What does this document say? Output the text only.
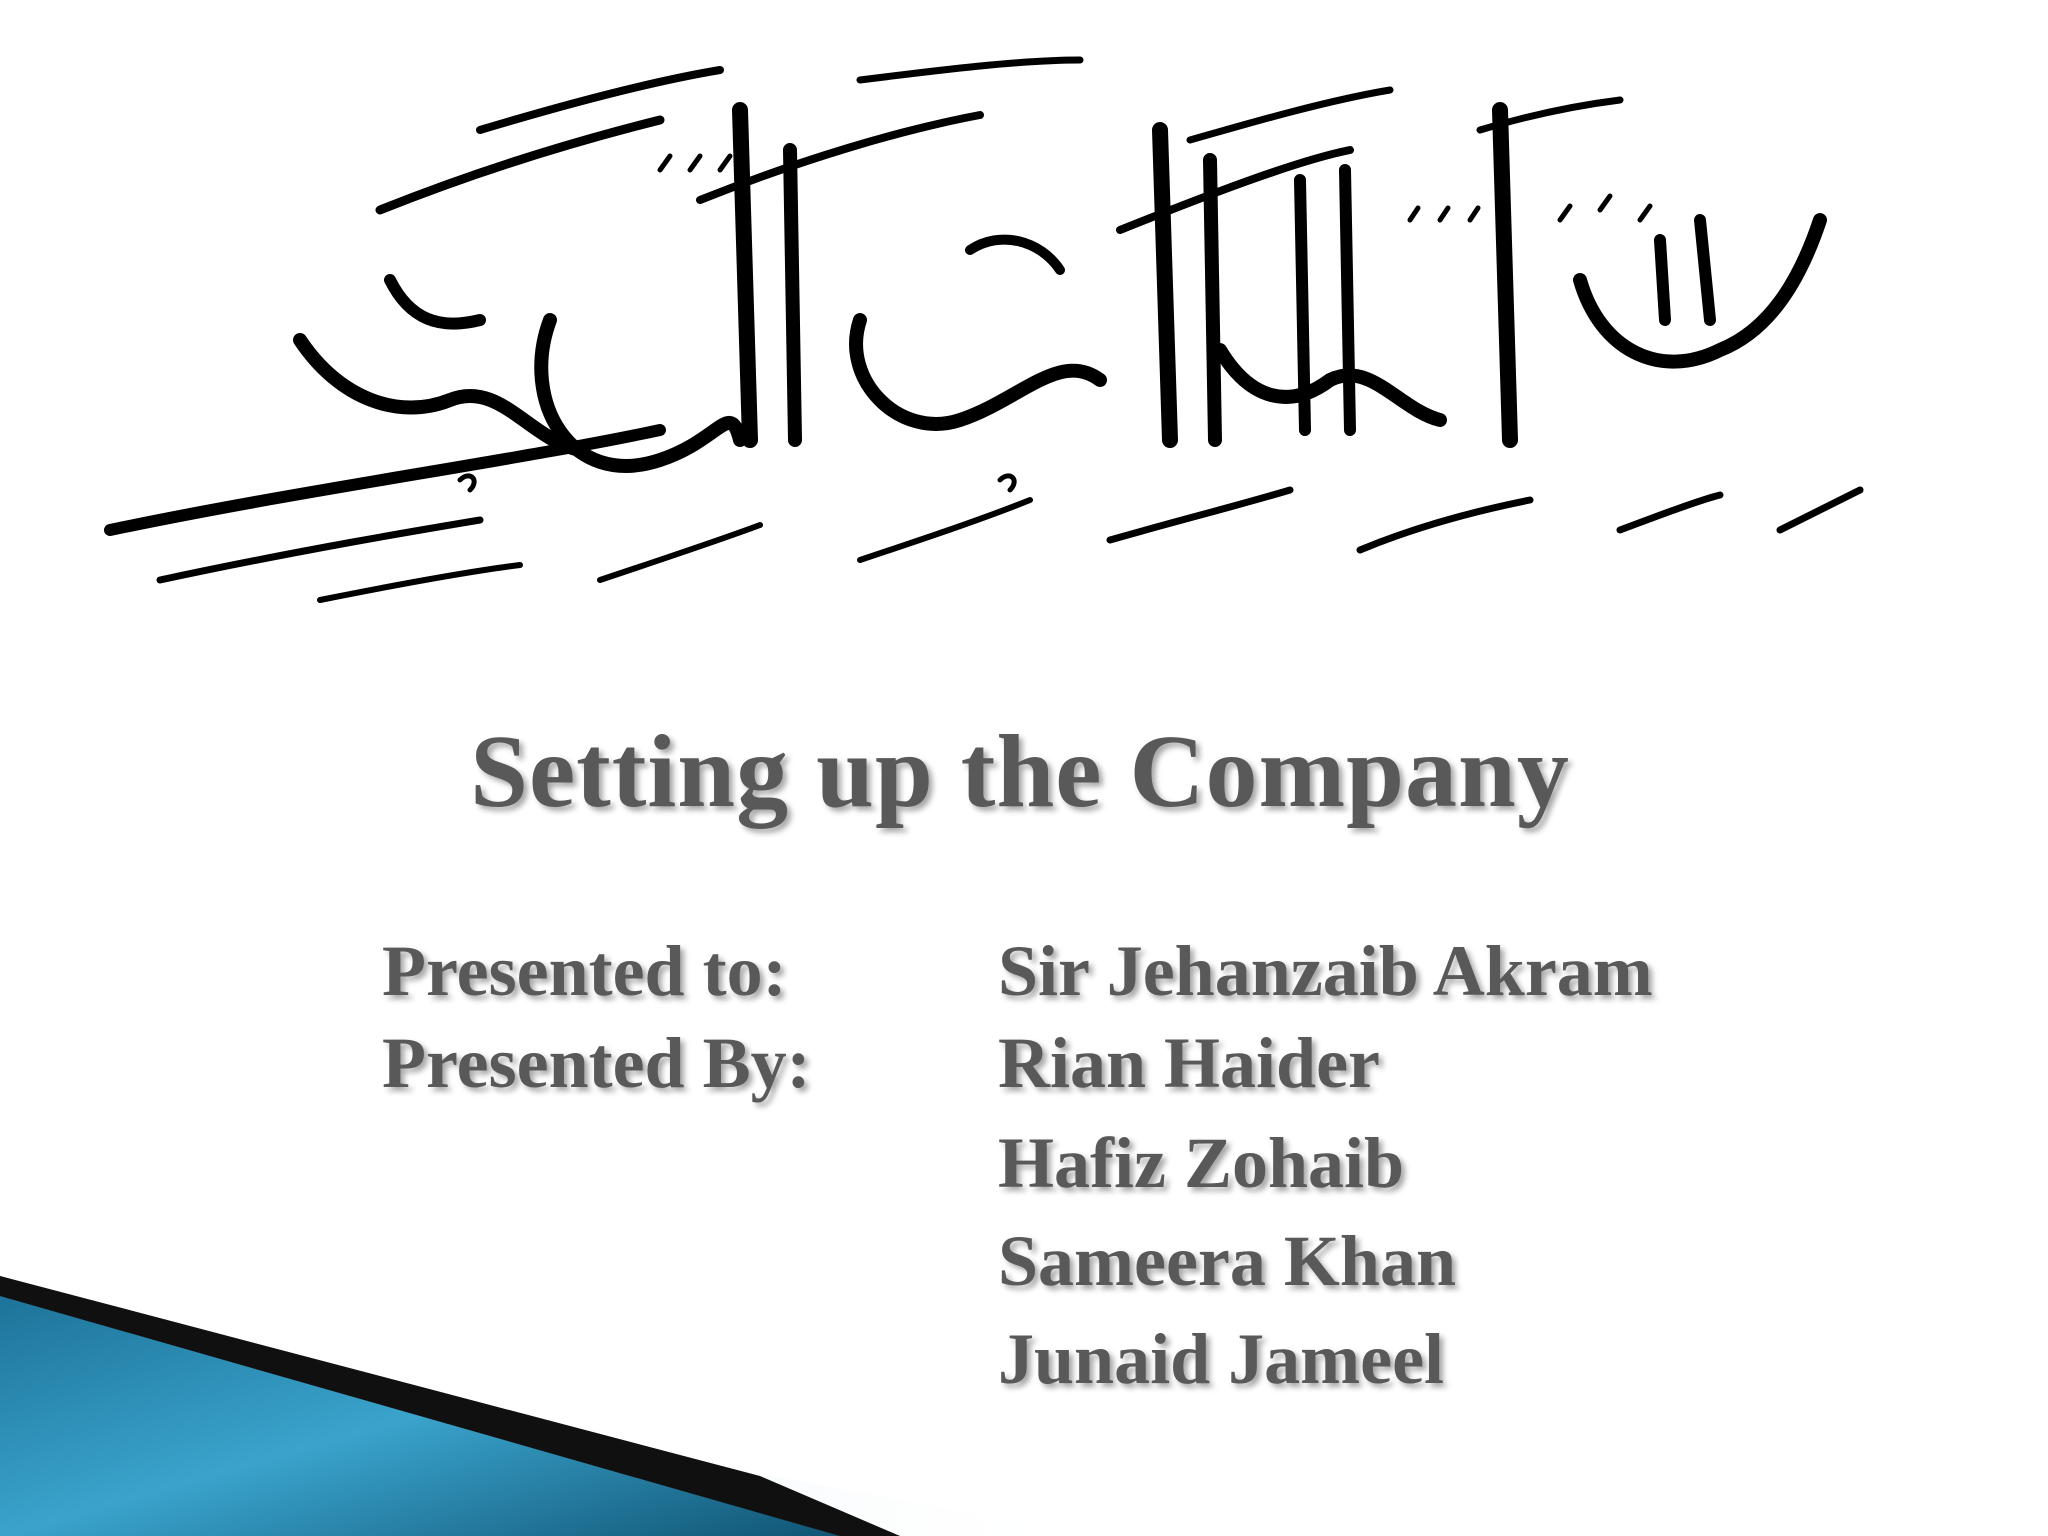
Setting up the Company
Presented to:	Sir Jehanzaib Akram
Presented By:	Rian Haider
Hafiz Zohaib
Sameera Khan
Junaid Jameel
